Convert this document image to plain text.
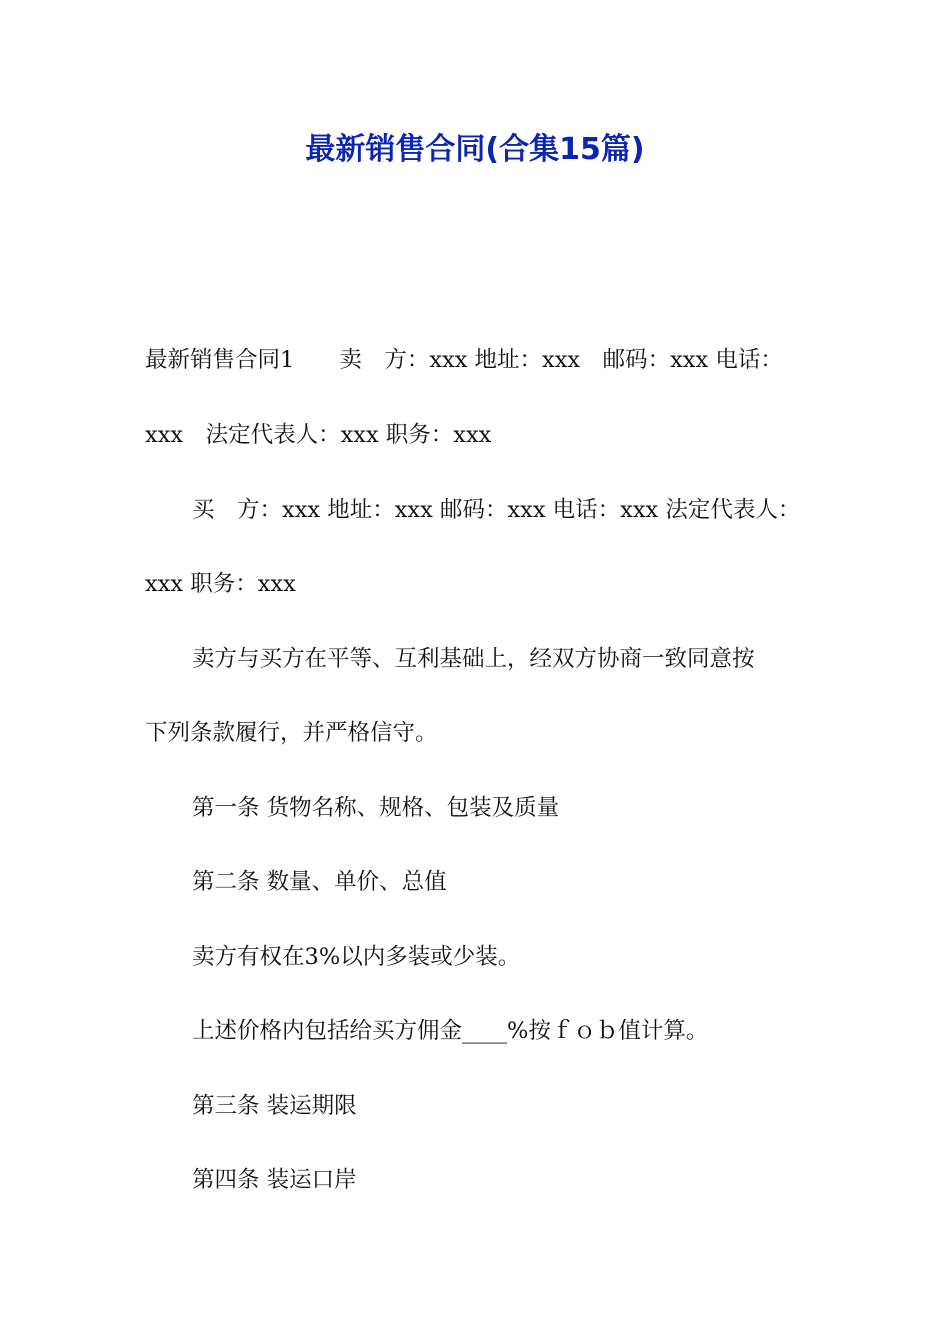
最新销售合同(合集15篇)
最新销售合同1　　卖　方：xxx 地址：xxx　邮码：xxx 电话：
xxx　法定代表人：xxx 职务：xxx
买　方：xxx 地址：xxx 邮码：xxx 电话：xxx 法定代表人：
xxx 职务：xxx
卖方与买方在平等、互利基础上，经双方协商一致同意按
下列条款履行，并严格信守。
第一条 货物名称、规格、包装及质量
第二条 数量、单价、总值
卖方有权在3%以内多装或少装。
上述价格内包括给买方佣金____%按ｆｏｂ值计算。
第三条 装运期限
第四条 装运口岸
